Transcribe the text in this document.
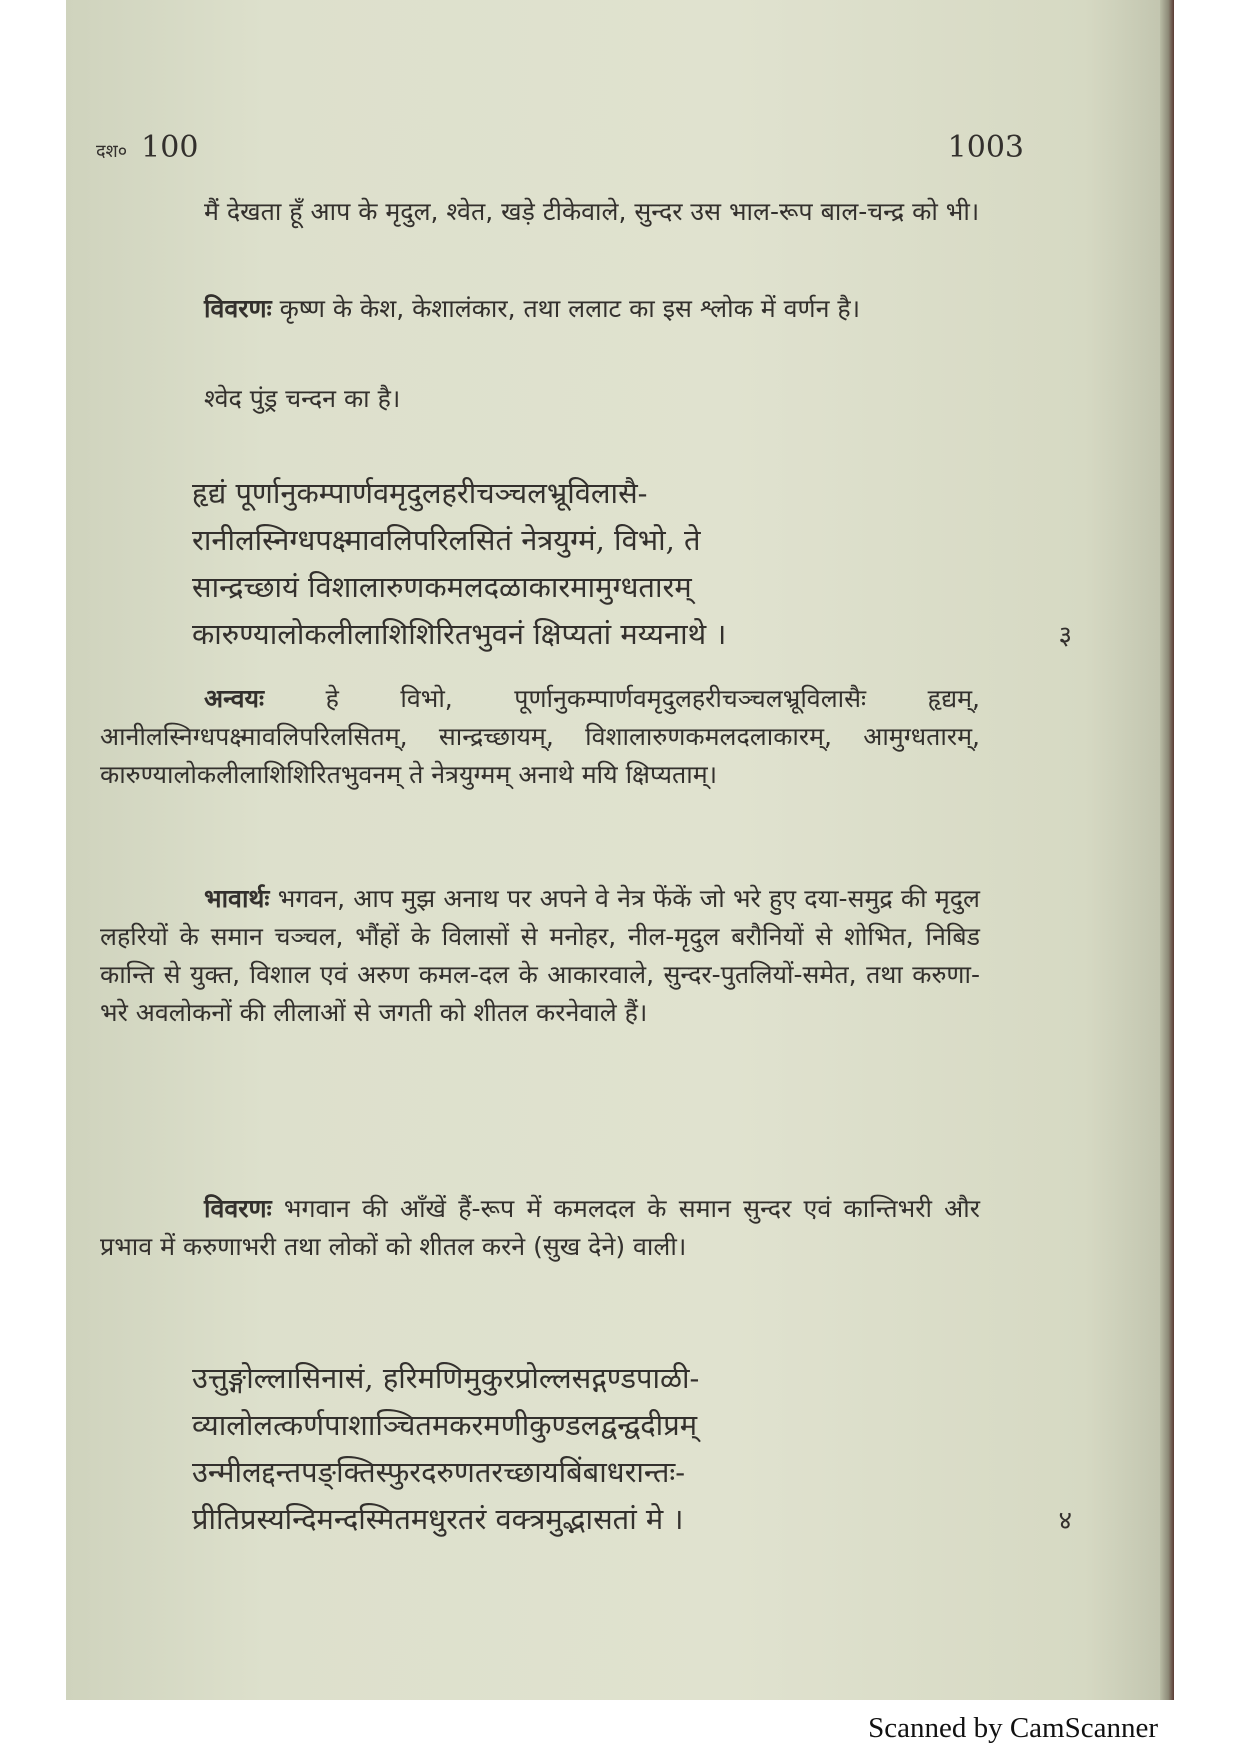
दश० 100	1003

मैं देखता हूँ आप के मृदुल, श्वेत, खड़े टीकेवाले, सुन्दर उस भाल-रूप बाल-चन्द्र को भी।

विवरणः कृष्ण के केश, केशालंकार, तथा ललाट का इस श्लोक में वर्णन है।

श्वेद पुंड्र चन्दन का है।

हृद्यं पूर्णानुकम्पार्णवमृदुलहरीचञ्चलभ्रूविलासै-
रानीलस्निग्धपक्ष्मावलिपरिलसितं नेत्रयुग्मं, विभो, ते
सान्द्रच्छायं विशालारुणकमलदळाकारमामुग्धतारम्
कारुण्यालोकलीलाशिशिरितभुवनं क्षिप्यतां मय्यनाथे ।	३

अन्वयः हे विभो, पूर्णानुकम्पार्णवमृदुलहरीचञ्चलभ्रूविलासैः हृद्यम्, आनीलस्निग्धपक्ष्मावलिपरिलसितम्, सान्द्रच्छायम्, विशालारुणकमलदलाकारम्, आमुग्धतारम्, कारुण्यालोकलीलाशिशिरितभुवनम् ते नेत्रयुग्मम् अनाथे मयि क्षिप्यताम्।

भावार्थः भगवन, आप मुझ अनाथ पर अपने वे नेत्र फेंकें जो भरे हुए दया-समुद्र की मृदुल लहरियों के समान चञ्चल, भौंहों के विलासों से मनोहर, नील-मृदुल बरौनियों से शोभित, निबिड कान्ति से युक्त, विशाल एवं अरुण कमल-दल के आकारवाले, सुन्दर-पुतलियों-समेत, तथा करुणा-भरे अवलोकनों की लीलाओं से जगती को शीतल करनेवाले हैं।

विवरणः भगवान की आँखें हैं-रूप में कमलदल के समान सुन्दर एवं कान्तिभरी और प्रभाव में करुणाभरी तथा लोकों को शीतल करने (सुख देने) वाली।

उत्तुङ्गोल्लासिनासं, हरिमणिमुकुरप्रोल्लसद्गण्डपाळी-
व्यालोलत्कर्णपाशाञ्चितमकरमणीकुण्डलद्वन्द्वदीप्रम्
उन्मीलद्दन्तपङ्क्तिस्फुरदरुणतरच्छायबिंबाधरान्तः-
प्रीतिप्रस्यन्दिमन्दस्मितमधुरतरं वक्त्रमुद्भासतां मे ।	४
Scanned by CamScanner
